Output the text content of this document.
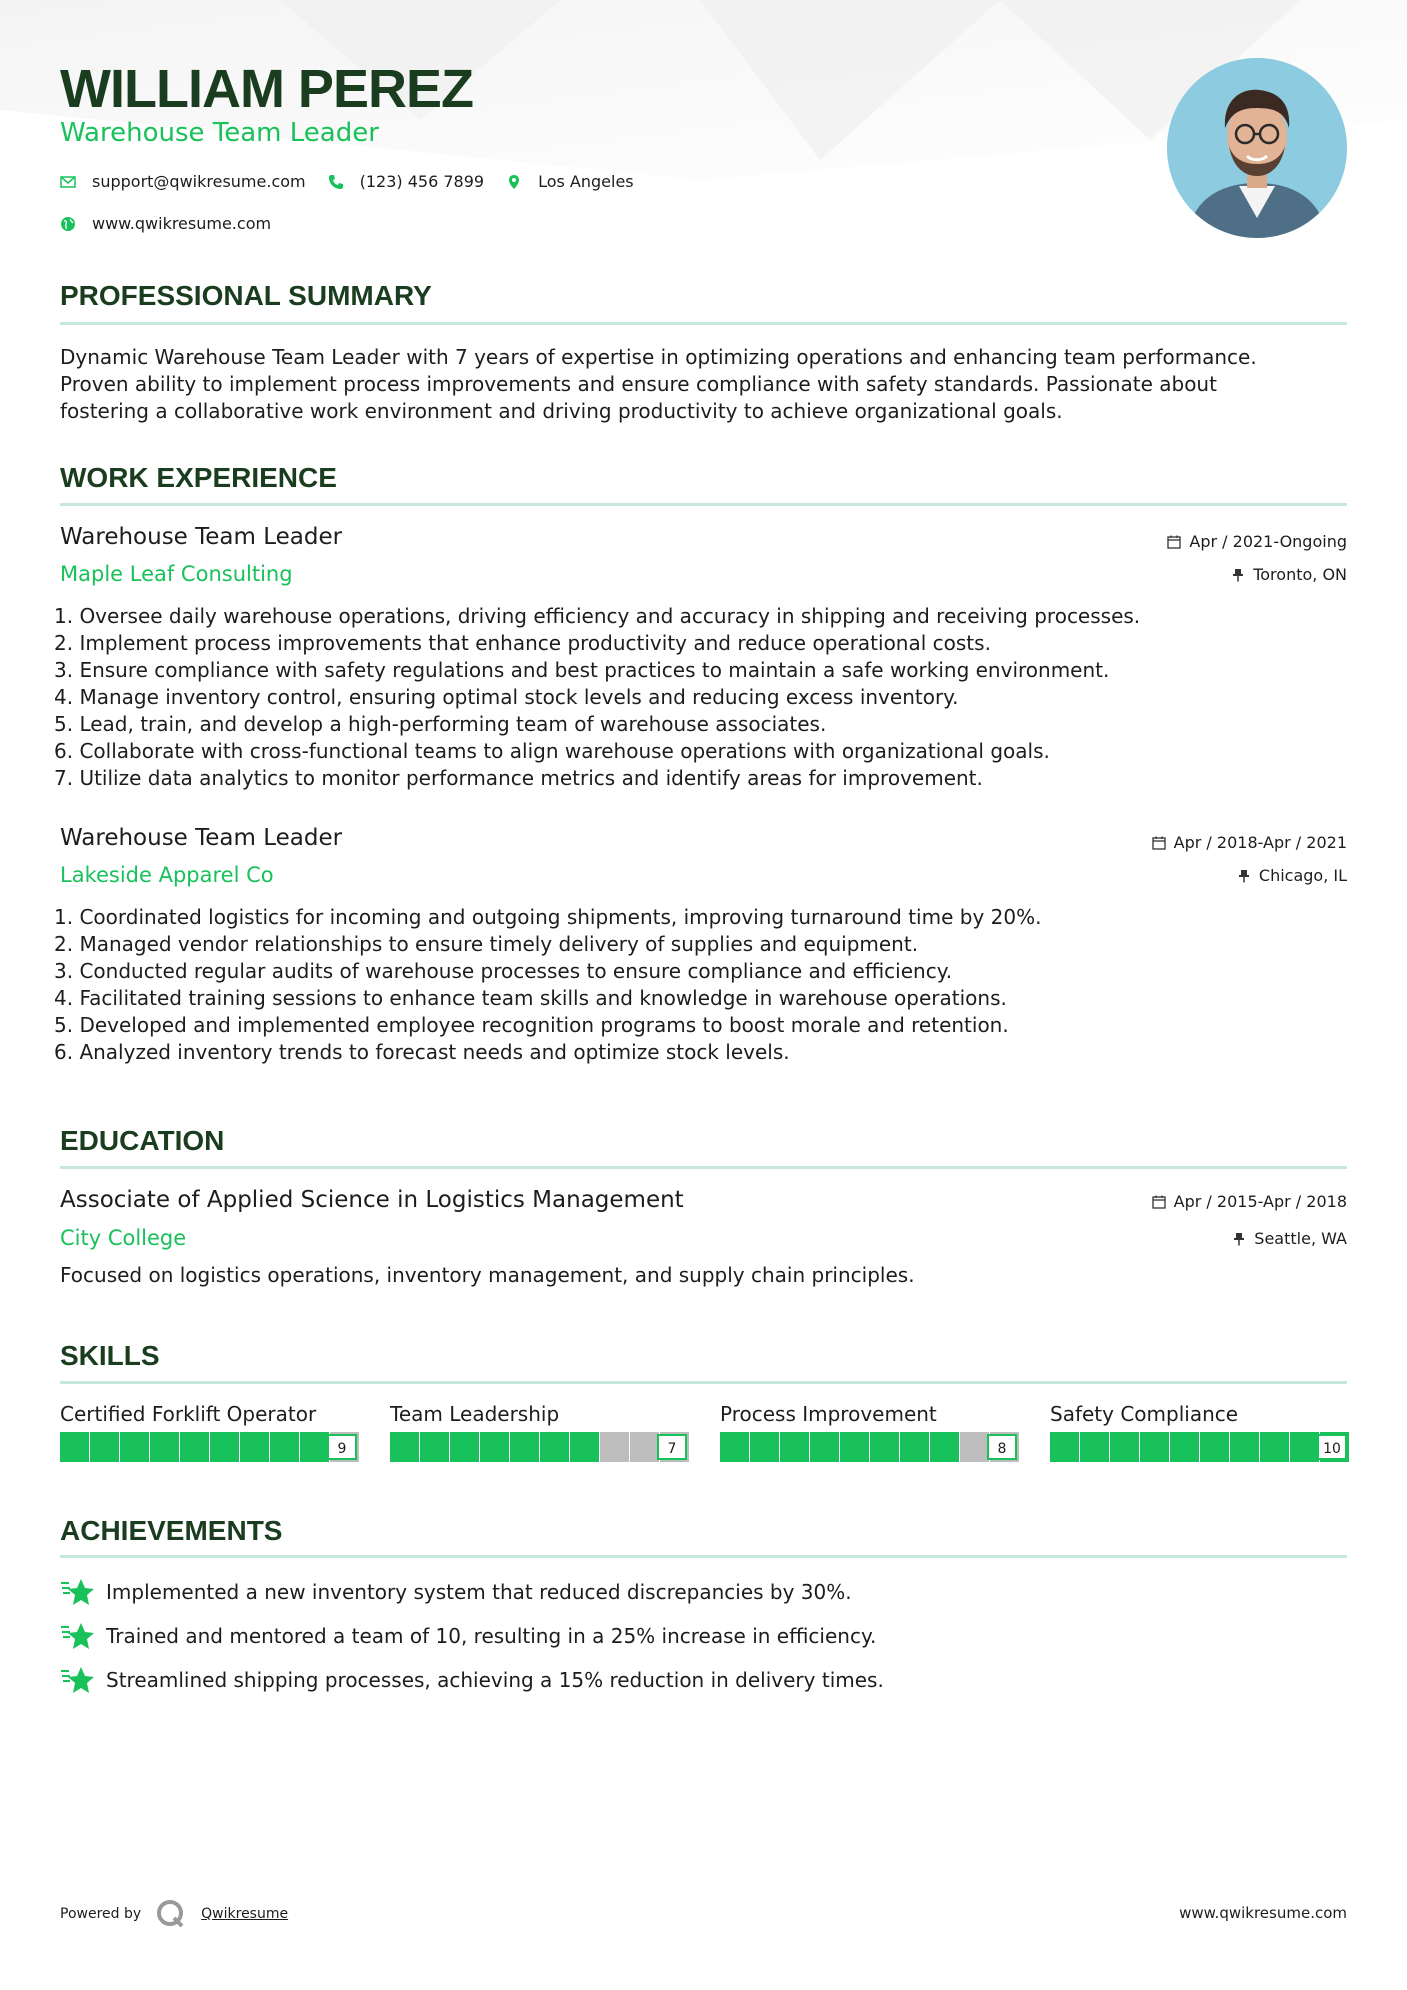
WILLIAM PEREZ
Warehouse Team Leader
support@qwikresume.com	(123) 456 7899	Los Angeles
www.qwikresume.com
PROFESSIONAL SUMMARY
Dynamic Warehouse Team Leader with 7 years of expertise in optimizing operations and enhancing team performance.
Proven ability to implement process improvements and ensure compliance with safety standards. Passionate about
fostering a collaborative work environment and driving productivity to achieve organizational goals.
WORK EXPERIENCE
Warehouse Team Leader
Maple Leaf Consulting
Apr / 2021-Ongoing
Toronto, ON
1. Oversee daily warehouse operations, driving efficiency and accuracy in shipping and receiving processes.
2. Implement process improvements that enhance productivity and reduce operational costs.
3. Ensure compliance with safety regulations and best practices to maintain a safe working environment.
4. Manage inventory control, ensuring optimal stock levels and reducing excess inventory.
5. Lead, train, and develop a high-performing team of warehouse associates.
6. Collaborate with cross-functional teams to align warehouse operations with organizational goals.
7. Utilize data analytics to monitor performance metrics and identify areas for improvement.
Warehouse Team Leader
Lakeside Apparel Co
Apr / 2018-Apr / 2021
Chicago, IL
1. Coordinated logistics for incoming and outgoing shipments, improving turnaround time by 20%.
2. Managed vendor relationships to ensure timely delivery of supplies and equipment.
3. Conducted regular audits of warehouse processes to ensure compliance and efficiency.
4. Facilitated training sessions to enhance team skills and knowledge in warehouse operations.
5. Developed and implemented employee recognition programs to boost morale and retention.
6. Analyzed inventory trends to forecast needs and optimize stock levels.
EDUCATION
Associate of Applied Science in Logistics Management
City College
Apr / 2015-Apr / 2018
Seattle, WA
Focused on logistics operations, inventory management, and supply chain principles.
SKILLS
Certified Forklift Operator
9
Team Leadership
7
Process Improvement
8
Safety Compliance
10
ACHIEVEMENTS
Implemented a new inventory system that reduced discrepancies by 30%.
Trained and mentored a team of 10, resulting in a 25% increase in efficiency.
Streamlined shipping processes, achieving a 15% reduction in delivery times.
Powered by	Qwikresume	www.qwikresume.com
